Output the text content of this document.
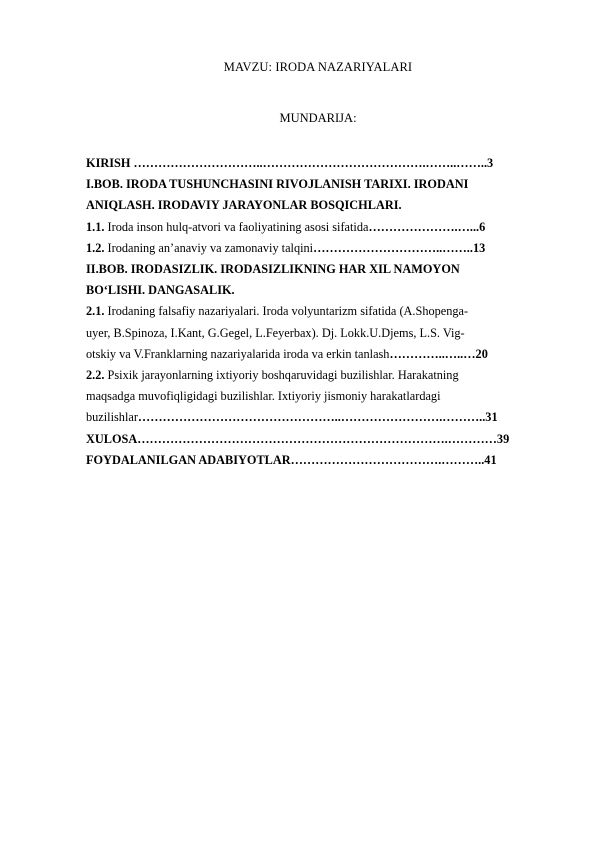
MAVZU: IRODA NAZARIYALARI
MUNDARIJA:
KIRISH …………………………..………………………………….……..……..3
I.BOB. IRODA TUSHUNCHASINI RIVOJLANISH TARIXI. IRODANI
ANIQLASH. IRODAVIY JARAYONLAR BOSQICHLARI.
1.1. Iroda inson hulq-atvori va faoliyatining asosi sifatida………………….…...6
1.2. Irodaning an’anaviy va zamonaviy talqini…………………………..……..13
II.BOB. IRODASIZLIK. IRODASIZLIKNING HAR XIL NAMOYON
BO‘LISHI. DANGASALIK.
2.1. Irodaning falsafiy nazariyalari. Iroda volyuntarizm sifatida (A.Shopenga-
uyer, B.Spinoza, I.Kant, G.Gegel, L.Feyerbax). Dj. Lokk.U.Djems, L.S. Vig-
otskiy va V.Franklarning nazariyalarida iroda va erkin tanlash…………..…..…20
2.2. Psixik jarayonlarning ixtiyoriy boshqaruvidagi buzilishlar. Harakatning
maqsadga muvofiqligidagi buzilishlar. Ixtiyoriy jismoniy harakatlardagi
buzilishlar…………………………………………..…………………….………..31
XULOSA………………………………………………………………….…………39
FOYDALANILGAN ADABIYOTLAR……………………………….………..41
